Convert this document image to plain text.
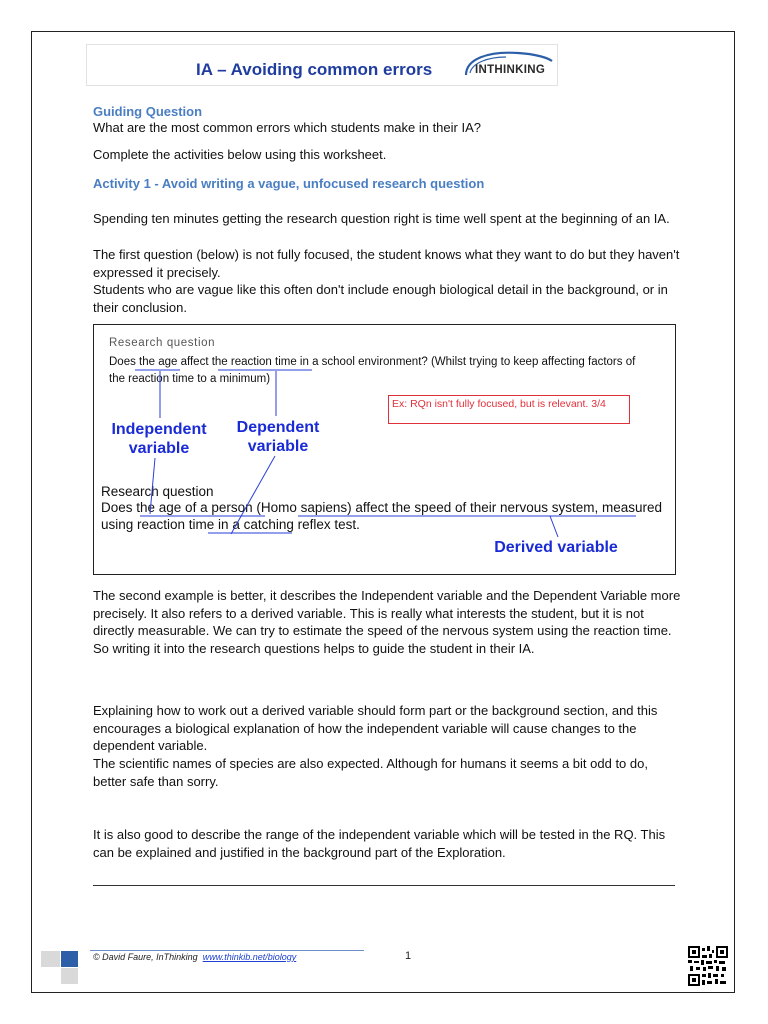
IA – Avoiding common errors	INTHINKING
Guiding Question
What are the most common errors which students make in their IA?
Complete the activities below using this worksheet.
Activity 1 - Avoid writing a vague, unfocused research question
Spending ten minutes getting the research question right is time well spent at the beginning of an IA.
The first question (below) is not fully focused, the student knows what they want to do but they haven't expressed it precisely.
Students who are vague like this often don't include enough biological detail in the background, or in their conclusion.
Research question
Does the age affect the reaction time in a school environment? (Whilst trying to keep affecting factors of the reaction time to a minimum)
Independent variable
Dependent variable
Ex: RQn isn't fully focused, but is relevant. 3/4
Research question
Does the age of a person (Homo sapiens) affect the speed of their nervous system, measured using reaction time in a catching reflex test.
Derived variable
The second example is better, it describes the Independent variable and the Dependent Variable more precisely. It also refers to a derived variable. This is really what interests the student, but it is not directly measurable. We can try to estimate the speed of the nervous system using the reaction time. So writing it into the research questions helps to guide the student in their IA.
Explaining how to work out a derived variable should form part or the background section, and this encourages a biological explanation of how the independent variable will cause changes to the dependent variable.
The scientific names of species are also expected. Although for humans it seems a bit odd to do, better safe than sorry.
It is also good to describe the range of the independent variable which will be tested in the RQ. This can be explained and justified in the background part of the Exploration.
© David Faure, InThinking www.thinkib.net/biology	1
